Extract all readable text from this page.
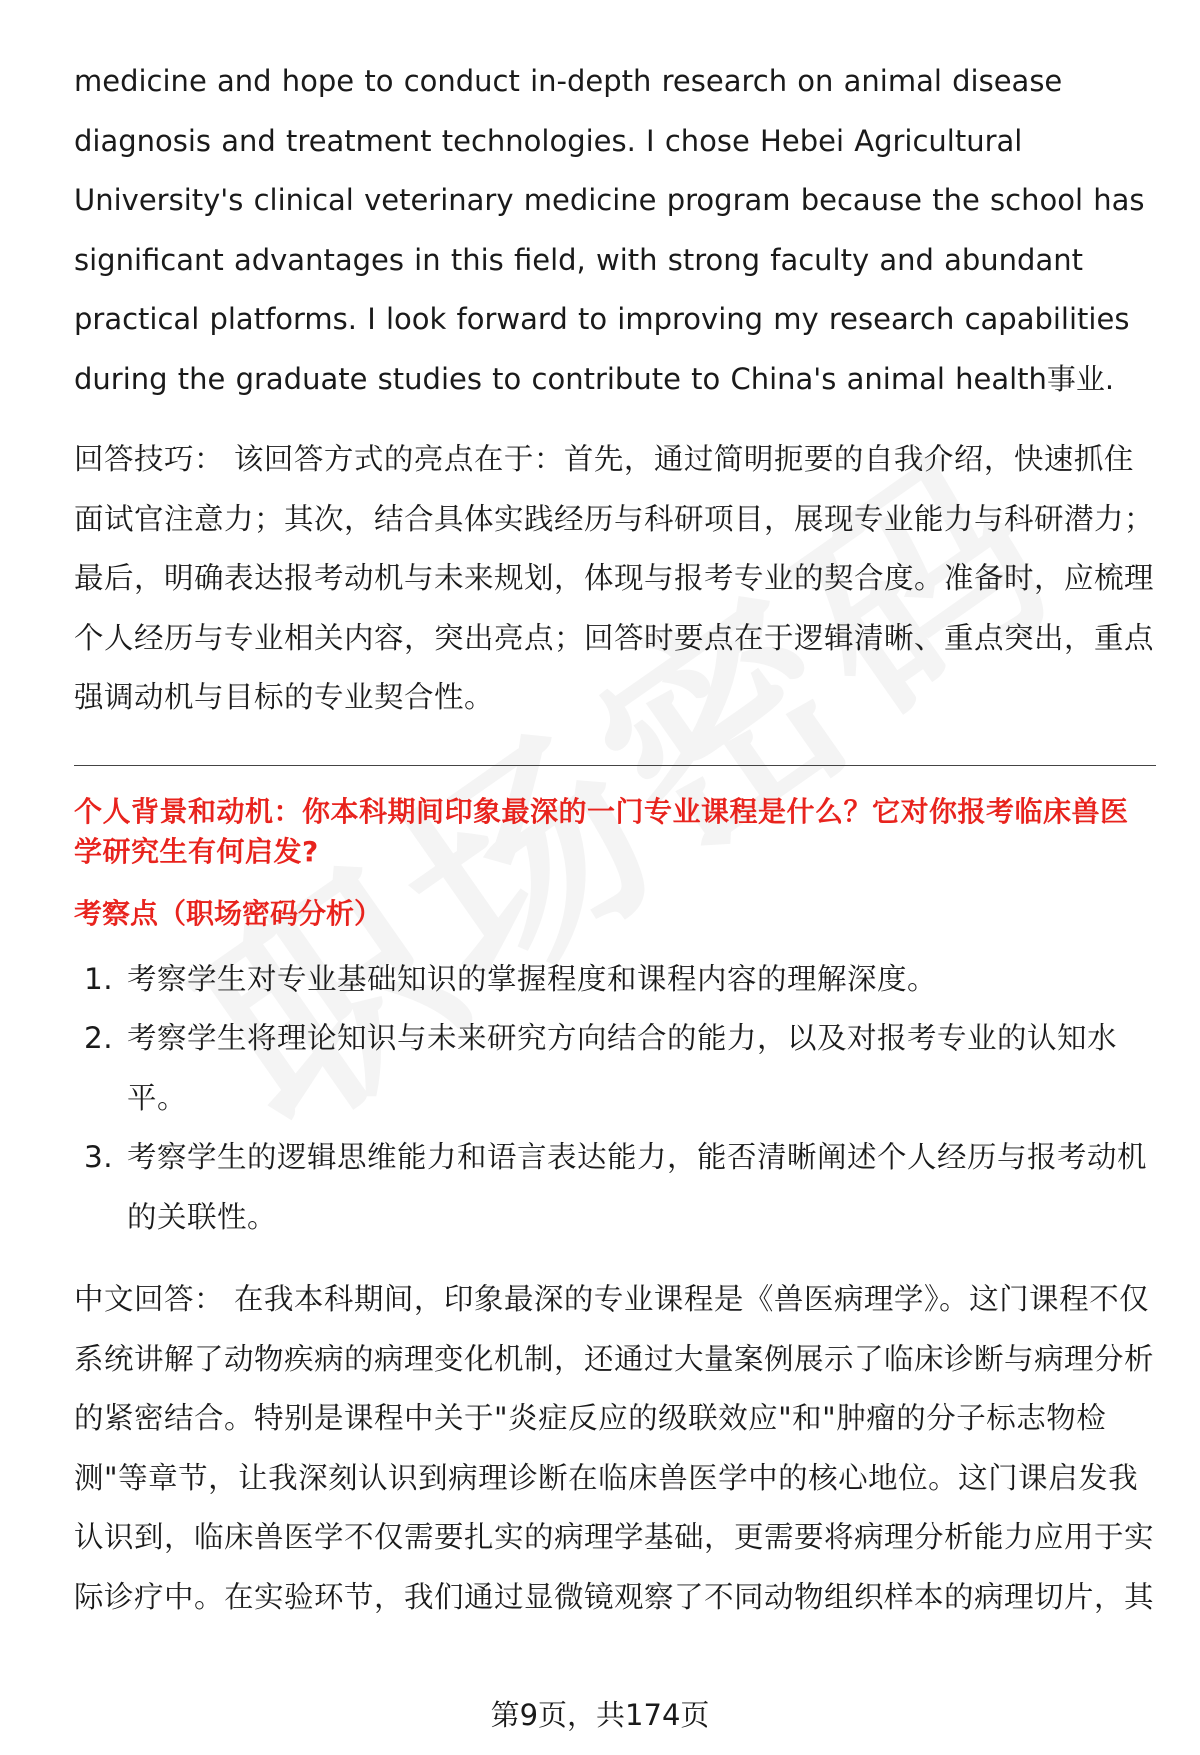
medicine and hope to conduct in-depth research on animal disease diagnosis and treatment technologies. I chose Hebei Agricultural University's clinical veterinary medicine program because the school has significant advantages in this field, with strong faculty and abundant practical platforms. I look forward to improving my research capabilities during the graduate studies to contribute to China's animal health事业.

回答技巧： 该回答方式的亮点在于：首先，通过简明扼要的自我介绍，快速抓住面试官注意力；其次，结合具体实践经历与科研项目，展现专业能力与科研潜力；最后，明确表达报考动机与未来规划，体现与报考专业的契合度。准备时，应梳理个人经历与专业相关内容，突出亮点；回答时要点在于逻辑清晰、重点突出，重点强调动机与目标的专业契合性。

个人背景和动机：你本科期间印象最深的一门专业课程是什么？它对你报考临床兽医学研究生有何启发?

考察点（职场密码分析）

1. 考察学生对专业基础知识的掌握程度和课程内容的理解深度。
2. 考察学生将理论知识与未来研究方向结合的能力，以及对报考专业的认知水平。
3. 考察学生的逻辑思维能力和语言表达能力，能否清晰阐述个人经历与报考动机的关联性。

中文回答： 在我本科期间，印象最深的专业课程是《兽医病理学》。这门课程不仅系统讲解了动物疾病的病理变化机制，还通过大量案例展示了临床诊断与病理分析的紧密结合。特别是课程中关于"炎症反应的级联效应"和"肿瘤的分子标志物检测"等章节，让我深刻认识到病理诊断在临床兽医学中的核心地位。这门课启发我认识到，临床兽医学不仅需要扎实的病理学基础，更需要将病理分析能力应用于实际诊疗中。在实验环节，我们通过显微镜观察了不同动物组织样本的病理切片，其

第9页，共174页
